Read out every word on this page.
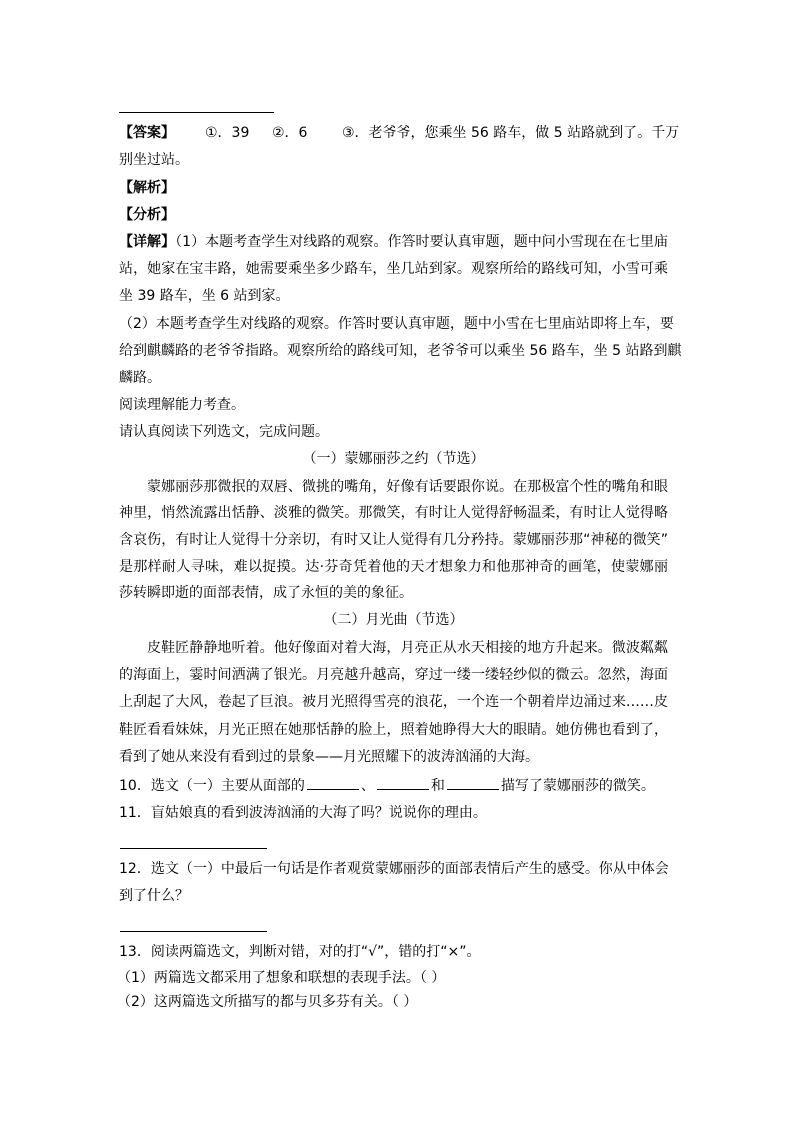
【答案】 ①．39 ②．6 ③．老爷爷，您乘坐 56 路车，做 5 站路就到了。千万
别坐过站。
【解析】
【分析】
【详解】（1）本题考查学生对线路的观察。作答时要认真审题，题中问小雪现在在七里庙
站，她家在宝丰路，她需要乘坐多少路车，坐几站到家。观察所给的路线可知，小雪可乘
坐 39 路车，坐 6 站到家。
（2）本题考查学生对线路的观察。作答时要认真审题，题中小雪在七里庙站即将上车，要
给到麒麟路的老爷爷指路。观察所给的路线可知，老爷爷可以乘坐 56 路车，坐 5 站路到麒
麟路。
阅读理解能力考查。
请认真阅读下列选文，完成问题。
（一）蒙娜丽莎之约（节选）
蒙娜丽莎那微抿的双唇、微挑的嘴角，好像有话要跟你说。在那极富个性的嘴角和眼
神里，悄然流露出恬静、淡雅的微笑。那微笑，有时让人觉得舒畅温柔，有时让人觉得略
含哀伤，有时让人觉得十分亲切，有时又让人觉得有几分矜持。蒙娜丽莎那“神秘的微笑”
是那样耐人寻味，难以捉摸。达·芬奇凭着他的天才想象力和他那神奇的画笔，使蒙娜丽
莎转瞬即逝的面部表情，成了永恒的美的象征。
（二）月光曲（节选）
皮鞋匠静静地听着。他好像面对着大海，月亮正从水天相接的地方升起来。微波粼粼
的海面上，霎时间洒满了银光。月亮越升越高，穿过一缕一缕轻纱似的微云。忽然，海面
上刮起了大风，卷起了巨浪。被月光照得雪亮的浪花，一个连一个朝着岸边涌过来……皮
鞋匠看看妹妹，月光正照在她那恬静的脸上，照着她睁得大大的眼睛。她仿佛也看到了，
看到了她从来没有看到过的景象——月光照耀下的波涛汹涌的大海。
10．选文（一）主要从面部的	、	和	描写了蒙娜丽莎的微笑。
11．盲姑娘真的看到波涛汹涌的大海了吗？说说你的理由。
12．选文（一）中最后一句话是作者观赏蒙娜丽莎的面部表情后产生的感受。你从中体会
到了什么？
13．阅读两篇选文，判断对错，对的打“√”，错的打“×”。
（1）两篇选文都采用了想象和联想的表现手法。（ ）
（2）这两篇选文所描写的都与贝多芬有关。（ ）
